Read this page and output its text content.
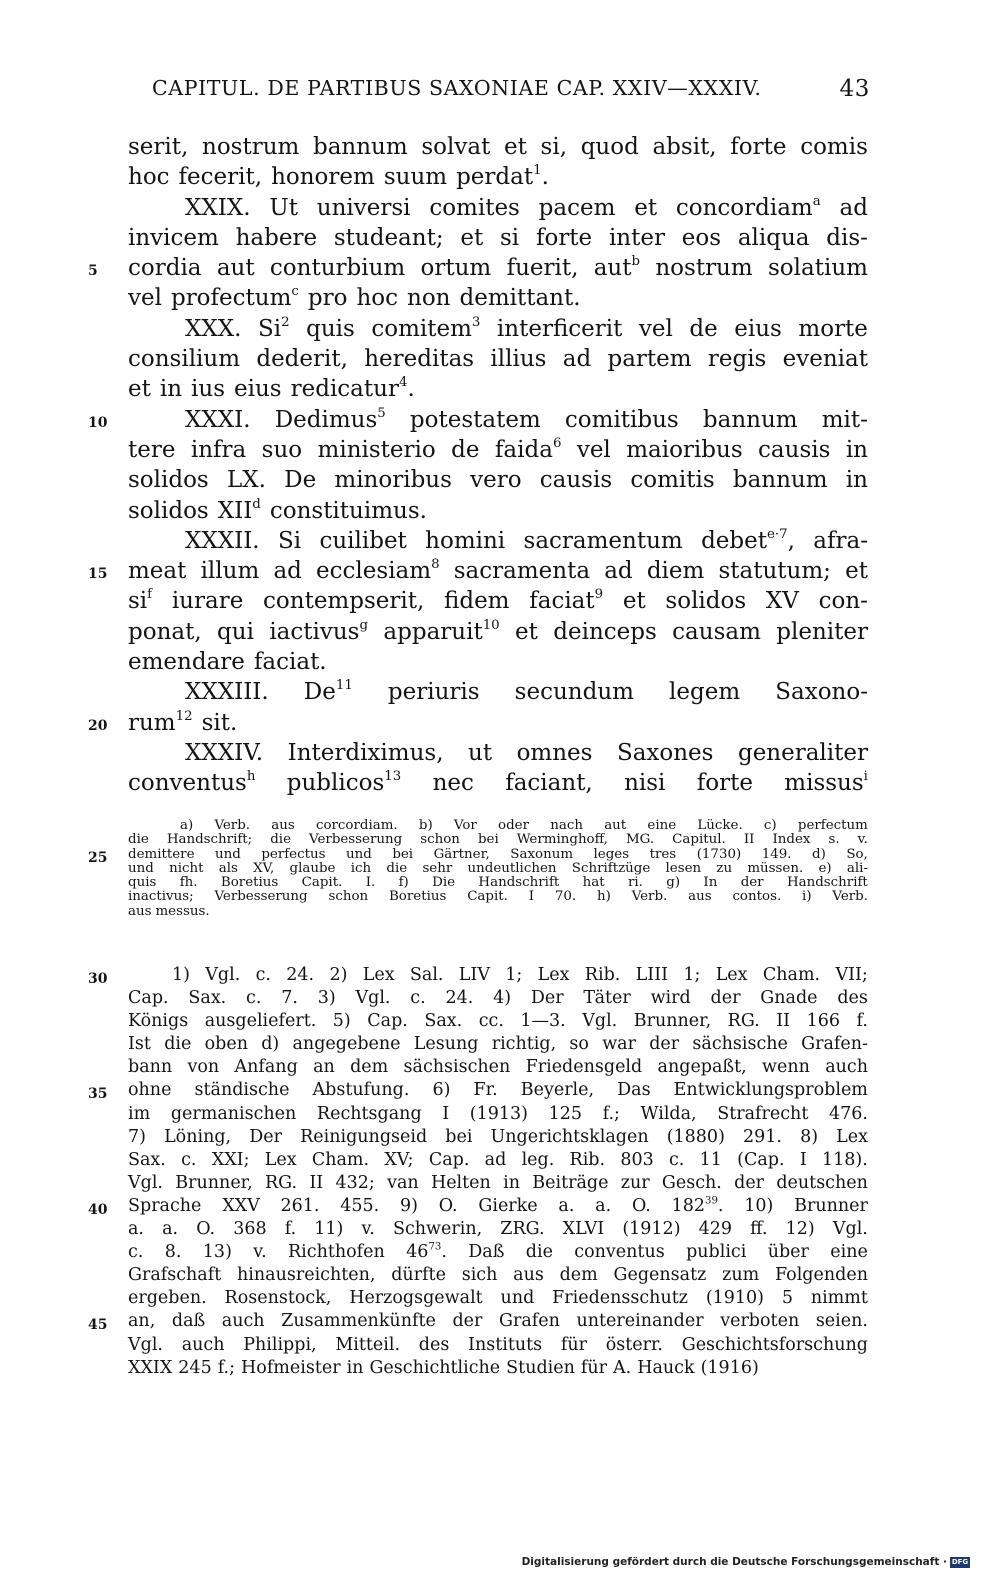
CAPITUL. DE PARTIBUS SAXONIAE CAP. XXIV—XXXIV.	43
serit, nostrum bannum solvat et si, quod absit, forte comis
hoc fecerit, honorem suum perdat$^1$.
XXIX. Ut universi comites pacem et concordiam$^a$ ad
invicem habere studeant; et si forte inter eos aliqua dis-
cordia aut conturbium ortum fuerit, aut$^b$ nostrum solatium
vel profectum$^c$ pro hoc non demittant.
XXX. Si$^2$ quis comitem$^3$ interficerit vel de eius morte
consilium dederit, hereditas illius ad partem regis eveniat
et in ius eius redicatur$^4$.
XXXI. Dedimus$^5$ potestatem comitibus bannum mit-
tere infra suo ministerio de faida$^6$ vel maioribus causis in
solidos LX. De minoribus vero causis comitis bannum in
solidos XII$^d$ constituimus.
XXXII. Si cuilibet homini sacramentum debet$^{e\cdot 7}$, afra-
meat illum ad ecclesiam$^8$ sacramenta ad diem statutum; et
$si^f$ iurare contempserit, fidem faciat$^9$ et solidos XV con-
ponat, qui iactivus$^g$ apparuit$^{10}$ et deinceps causam pleniter
emendare faciat.
XXXIII. De$^{11}$ periuris secundum legem Saxono-
rum$^{12}$ sit.
XXXIV. Interdiximus, ut omnes Saxones generaliter
conventus$^h$ publicos$^{13}$ nec faciant, nisi forte missus$^i$
a) Verb. aus corcordiam. b) Vor oder nach aut eine Lücke. c) perfectum
die Handschrift; die Verbesserung schon bei Werminghoff, MG. Capitul. II Index s. v.
demittere und perfectus und bei Gärtner, Saxonum leges tres (1730) 149. d) So,
und nicht als XV, glaube ich die sehr undeutlichen Schriftzüge lesen zu müssen. e) ali-
quis fh. Boretius Capit. I. f) Die Handschrift hat ri. g) In der Handschrift
inactivus; Verbesserung schon Boretius Capit. I 70. h) Verb. aus contos. i) Verb.
aus messus.
1) Vgl. c. 24. 2) Lex Sal. LIV 1; Lex Rib. LIII 1; Lex Cham. VII;
Cap. Sax. c. 7. 3) Vgl. c. 24. 4) Der Täter wird der Gnade des
Königs ausgeliefert. 5) Cap. Sax. cc. 1—3. Vgl. Brunner, RG. II 166 f.
Ist die oben d) angegebene Lesung richtig, so war der sächsische Grafen-
bann von Anfang an dem sächsischen Friedensgeld angepaßt, wenn auch
ohne ständische Abstufung. 6) Fr. Beyerle, Das Entwicklungsproblem
im germanischen Rechtsgang I (1913) 125 f.; Wilda, Strafrecht 476.
7) Löning, Der Reinigungseid bei Ungerichtsklagen (1880) 291. 8) Lex
Sax. c. XXI; Lex Cham. XV; Cap. ad leg. Rib. 803 c. 11 (Cap. I 118).
Vgl. Brunner, RG. II 432; van Helten in Beiträge zur Gesch. der deutschen
Sprache XXV 261. 455. 9) O. Gierke a. a. O. $182^{39}$. 10) Brunner
a. a. O. 368 f. 11) v. Schwerin, ZRG. XLVI (1912) 429 ff. 12) Vgl.
c. 8. 13) v. Richthofen $46^{73}$. Daß die conventus publici über eine
Grafschaft hinausreichten, dürfte sich aus dem Gegensatz zum Folgenden
ergeben. Rosenstock, Herzogsgewalt und Friedensschutz (1910) 5 nimmt
an, daß auch Zusammenkünfte der Grafen untereinander verboten seien.
Vgl. auch Philippi, Mitteil. des Instituts für österr. Geschichtsforschung
XXIX 245 f.; Hofmeister in Geschichtliche Studien für A. Hauck (1916)
Digitalisierung gefördert durch die Deutsche Forschungsgemeinschaft · DFG
5
10
15
20
25
30
35
40
45
